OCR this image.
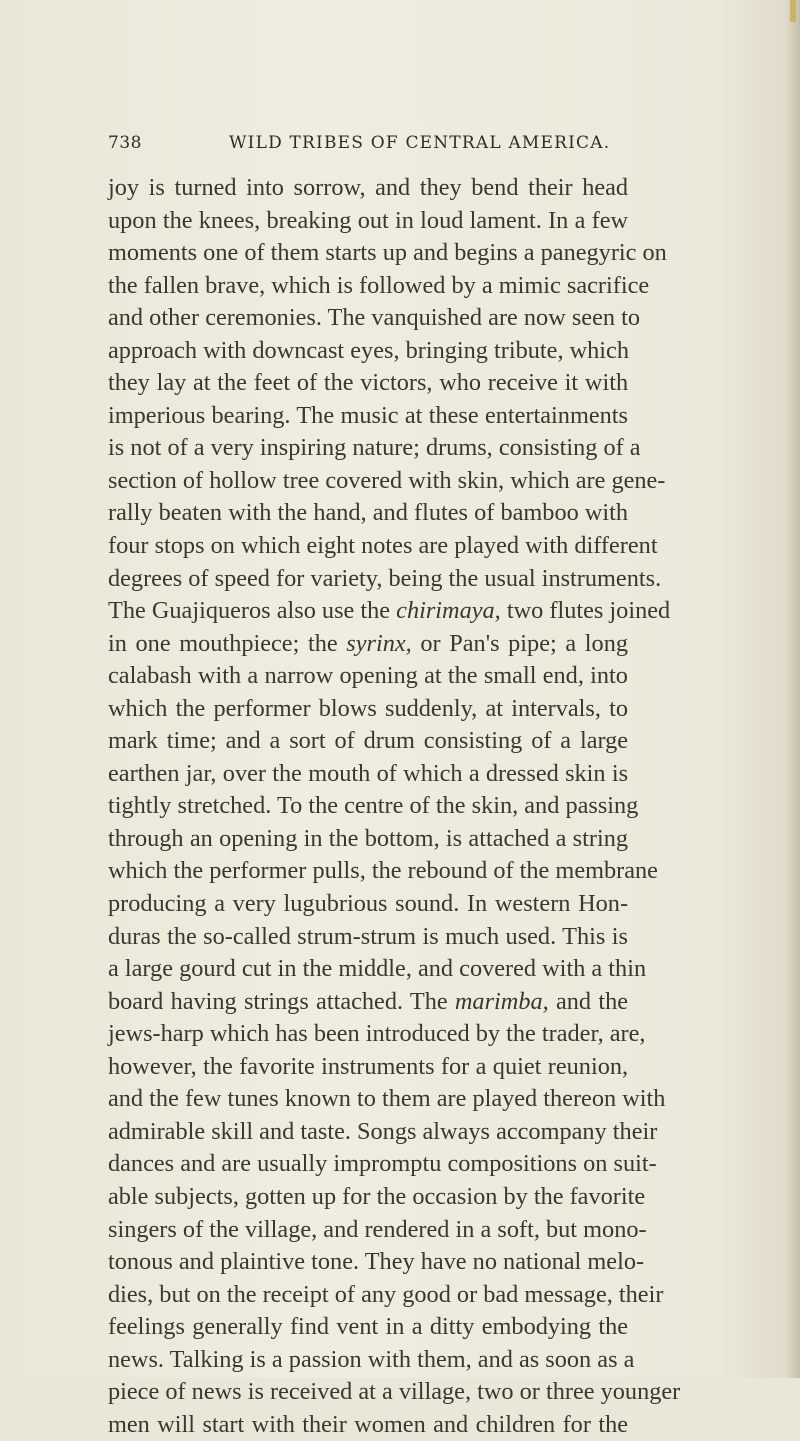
738	WILD TRIBES OF CENTRAL AMERICA.
joy is turned into sorrow, and they bend their head
upon the knees, breaking out in loud lament. In a few
moments one of them starts up and begins a panegyric on
the fallen brave, which is followed by a mimic sacrifice
and other ceremonies. The vanquished are now seen to
approach with downcast eyes, bringing tribute, which
they lay at the feet of the victors, who receive it with
imperious bearing. The music at these entertainments
is not of a very inspiring nature; drums, consisting of a
section of hollow tree covered with skin, which are gene-
rally beaten with the hand, and flutes of bamboo with
four stops on which eight notes are played with different
degrees of speed for variety, being the usual instruments.
The Guajiqueros also use the chirimaya, two flutes joined
in one mouthpiece; the syrinx, or Pan's pipe; a long
calabash with a narrow opening at the small end, into
which the performer blows suddenly, at intervals, to
mark time; and a sort of drum consisting of a large
earthen jar, over the mouth of which a dressed skin is
tightly stretched. To the centre of the skin, and passing
through an opening in the bottom, is attached a string
which the performer pulls, the rebound of the membrane
producing a very lugubrious sound. In western Hon-
duras the so-called strum-strum is much used. This is
a large gourd cut in the middle, and covered with a thin
board having strings attached. The marimba, and the
jews-harp which has been introduced by the trader, are,
however, the favorite instruments for a quiet reunion,
and the few tunes known to them are played thereon with
admirable skill and taste. Songs always accompany their
dances and are usually impromptu compositions on suit-
able subjects, gotten up for the occasion by the favorite
singers of the village, and rendered in a soft, but mono-
tonous and plaintive tone. They have no national melo-
dies, but on the receipt of any good or bad message, their
feelings generally find vent in a ditty embodying the
news. Talking is a passion with them, and as soon as a
piece of news is received at a village, two or three younger
men will start with their women and children for the
